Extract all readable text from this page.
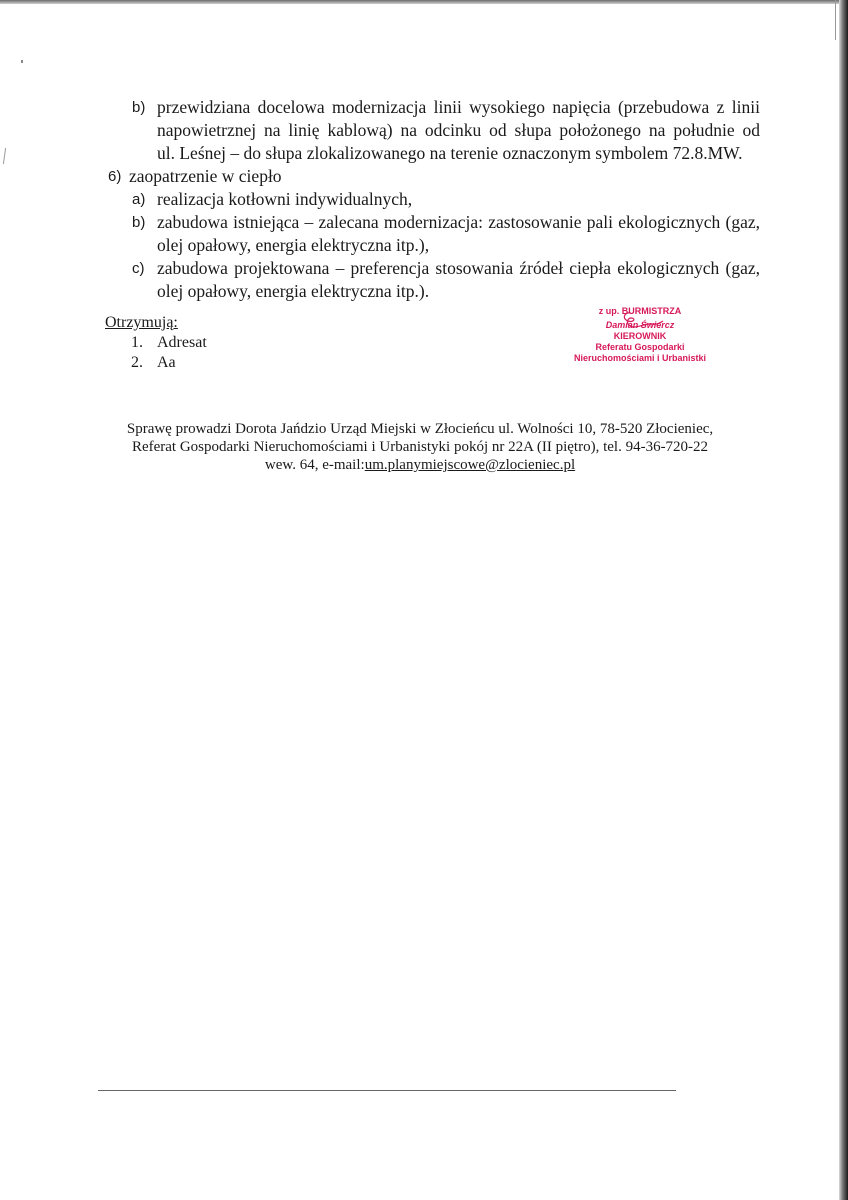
b) przewidziana docelowa modernizacja linii wysokiego napięcia (przebudowa z linii
napowietrznej na linię kablową) na odcinku od słupa położonego na południe od
ul. Leśnej – do słupa zlokalizowanego na terenie oznaczonym symbolem 72.8.MW.
6) zaopatrzenie w ciepło
a) realizacja kotłowni indywidualnych,
b) zabudowa istniejąca – zalecana modernizacja: zastosowanie pali ekologicznych (gaz, olej opałowy, energia elektryczna itp.),
c) zabudowa projektowana – preferencja stosowania źródeł ciepła ekologicznych (gaz, olej opałowy, energia elektryczna itp.).
Otrzymują:
1. Adresat
2. Aa
z up. BURMISTRZA
Damian Świercz
KIEROWNIK
Referatu Gospodarki
Nieruchomościami i Urbanistki
Sprawę prowadzi Dorota Jańdzio Urząd Miejski w Złocieńcu ul. Wolności 10, 78-520 Złocieniec,
Referat Gospodarki Nieruchomościami i Urbanistyki pokój nr 22A (II piętro), tel. 94-36-720-22
wew. 64, e-mail:um.planymiejscowe@zlocieniec.pl
